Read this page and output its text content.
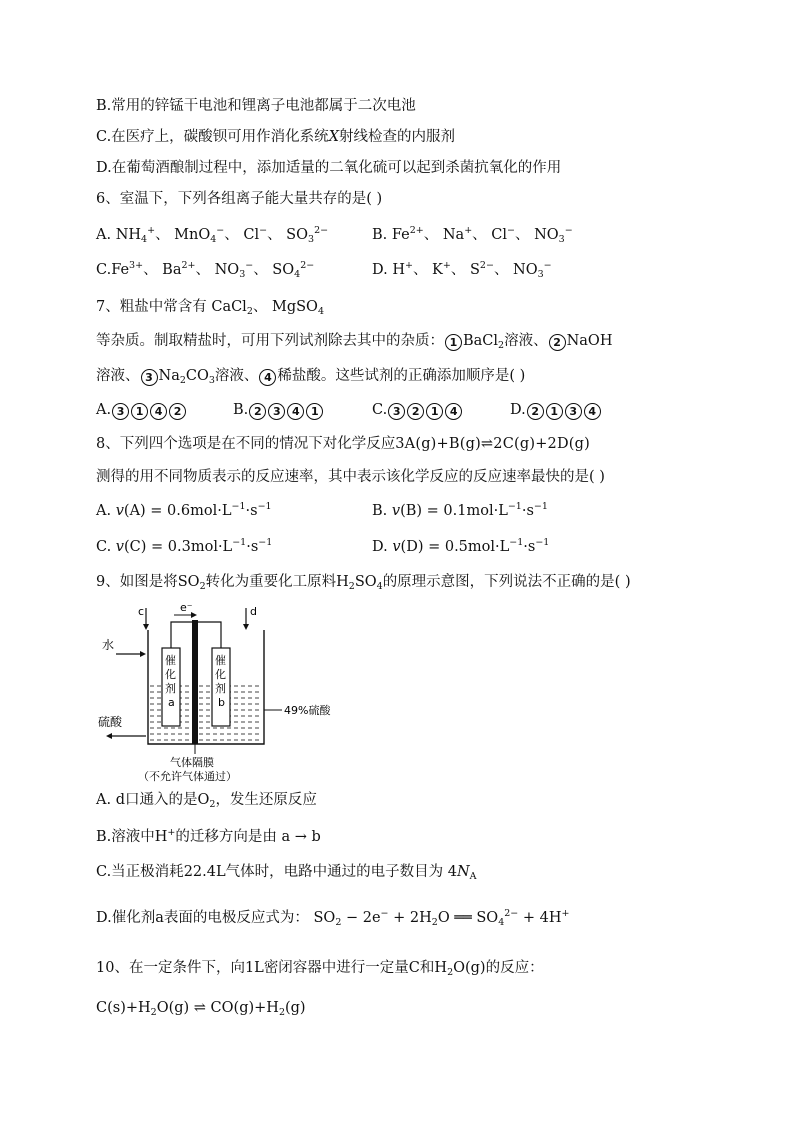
B.常用的锌锰干电池和锂离子电池都属于二次电池
C.在医疗上，碳酸钡可用作消化系统X射线检查的内服剂
D.在葡萄酒酿制过程中，添加适量的二氧化硫可以起到杀菌抗氧化的作用
6、室温下，下列各组离子能大量共存的是( )
A. $NH_4^+$、 MnO$_4$−、 Cl−、 $SO_3^{2-}$	B. $Fe^{2+}$、 Na+、 Cl−、 $NO_3^-$
$C.Fe^{3+}$、 $Ba^{2+}$、 $NO_3^-$、 $SO_4^{2-}$	D. H+、 K+、 $S^{2-}$、 $NO_3^-$
7、粗盐中常含有 CaCl$_2$、 MgSO$_4$
等杂质。制取精盐时，可用下列试剂除去其中的杂质： 1 BaCl$_2$溶液、 2 NaOH
溶液、 3 $Na_2CO_3$溶液、 4 稀盐酸。这些试剂的正确添加顺序是( )
A. 3 1 4 2	B. 2 3 4 1	C. 3 2 1 4	D. 2 1 3 4
8、下列四个选项是在不同的情况下对化学反应3A(g)+B(g)⇌2C(g)+2D(g)
测得的用不同物质表示的反应速率，其中表示该化学反应的反应速率最快的是( )
A. $v(A) = 0.6mol\cdot L^{-1}\cdot s^{-1}$	B. $v(B) = 0.1mol\cdot L^{-1}\cdot s^{-1}$
C. $v(C) = 0.3mol\cdot L^{-1}\cdot s^{-1}$	D. $v(D) = 0.5mol\cdot L^{-1}\cdot s^{-1}$
9、如图是将$SO_2$转化为重要化工原料$H_2SO_4$的原理示意图，下列说法不正确的是( )
c	d
e⁻
水
催
化
剂
a
催
化
剂
b
硫酸
49%硫酸
气体隔膜
（不允许气体通过）
A. d口通入的是$O_2$，发生还原反应
B.溶液中H+的迁移方向是由 a → b
C.当正极消耗22.4L气体时，电路中通过的电子数目为 $4N_A$
D.催化剂a表面的电极反应式为： $SO_2 - 2e^- + 2H_2O$ ══ $SO_4^{2-} + 4H^+$
10、在一定条件下，向1L密闭容器中进行一定量C和$H_2O(g)$的反应：
$C(s)+H_2O(g)$ ⇌ $CO(g)+H_2(g)$
